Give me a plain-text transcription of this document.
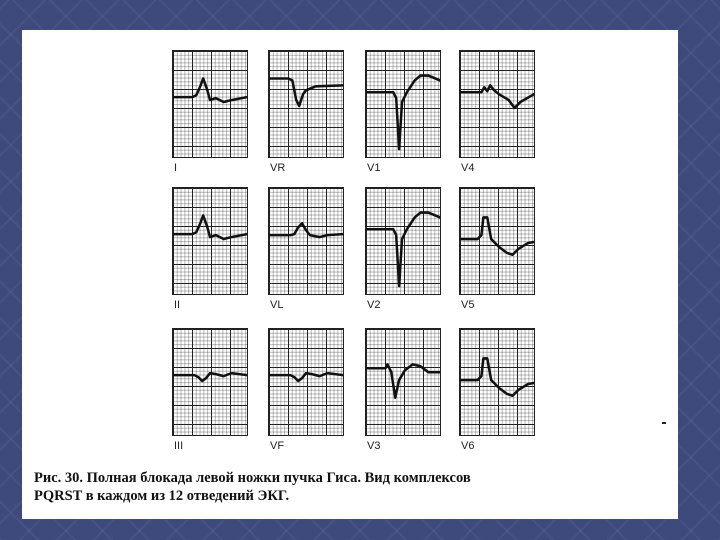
I	VR	V1	V4
II	VL	V2	V5
III	VF	V3	V6
Рис. 30. Полная блокада левой ножки пучка Гиса. Вид комплексов
PQRST в каждом из 12 отведений ЭКГ.
